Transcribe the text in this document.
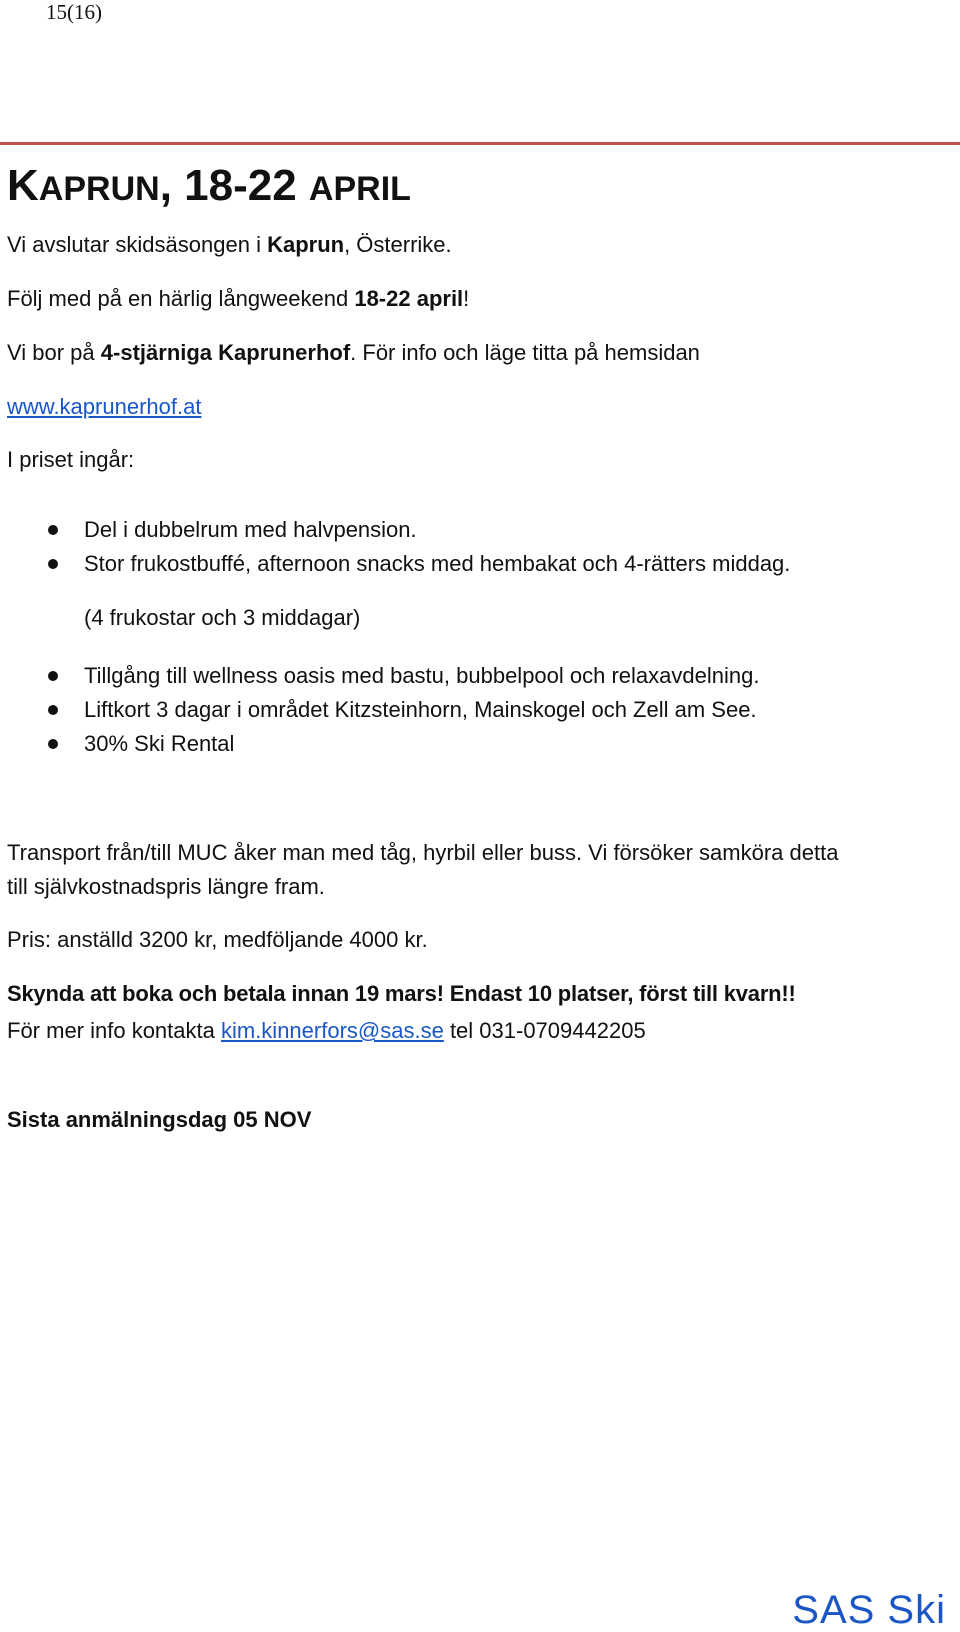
15(16)
KAPRUN, 18-22 APRIL

Vi avslutar skidsäsongen i Kaprun, Österrike.

Följ med på en härlig långweekend 18-22 april!

Vi bor på 4-stjärniga Kaprunerhof. För info och läge titta på hemsidan

www.kaprunerhof.at

I priset ingår:

Del i dubbelrum med halvpension.

Stor frukostbuffé, afternoon snacks med hembakat och 4-rätters middag.

(4 frukostar och 3 middagar)

Tillgång till wellness oasis med bastu, bubbelpool och relaxavdelning.

Liftkort 3 dagar i området Kitzsteinhorn, Mainskogel och Zell am See.

30% Ski Rental

Transport från/till MUC åker man med tåg, hyrbil eller buss. Vi försöker samköra detta

till självkostnadspris längre fram.

Pris: anställd 3200 kr, medföljande 4000 kr.

Skynda att boka och betala innan 19 mars! Endast 10 platser, först till kvarn!!

För mer info kontakta kim.kinnerfors@sas.se tel 031-0709442205

Sista anmälningsdag 05 NOV

SAS Ski
